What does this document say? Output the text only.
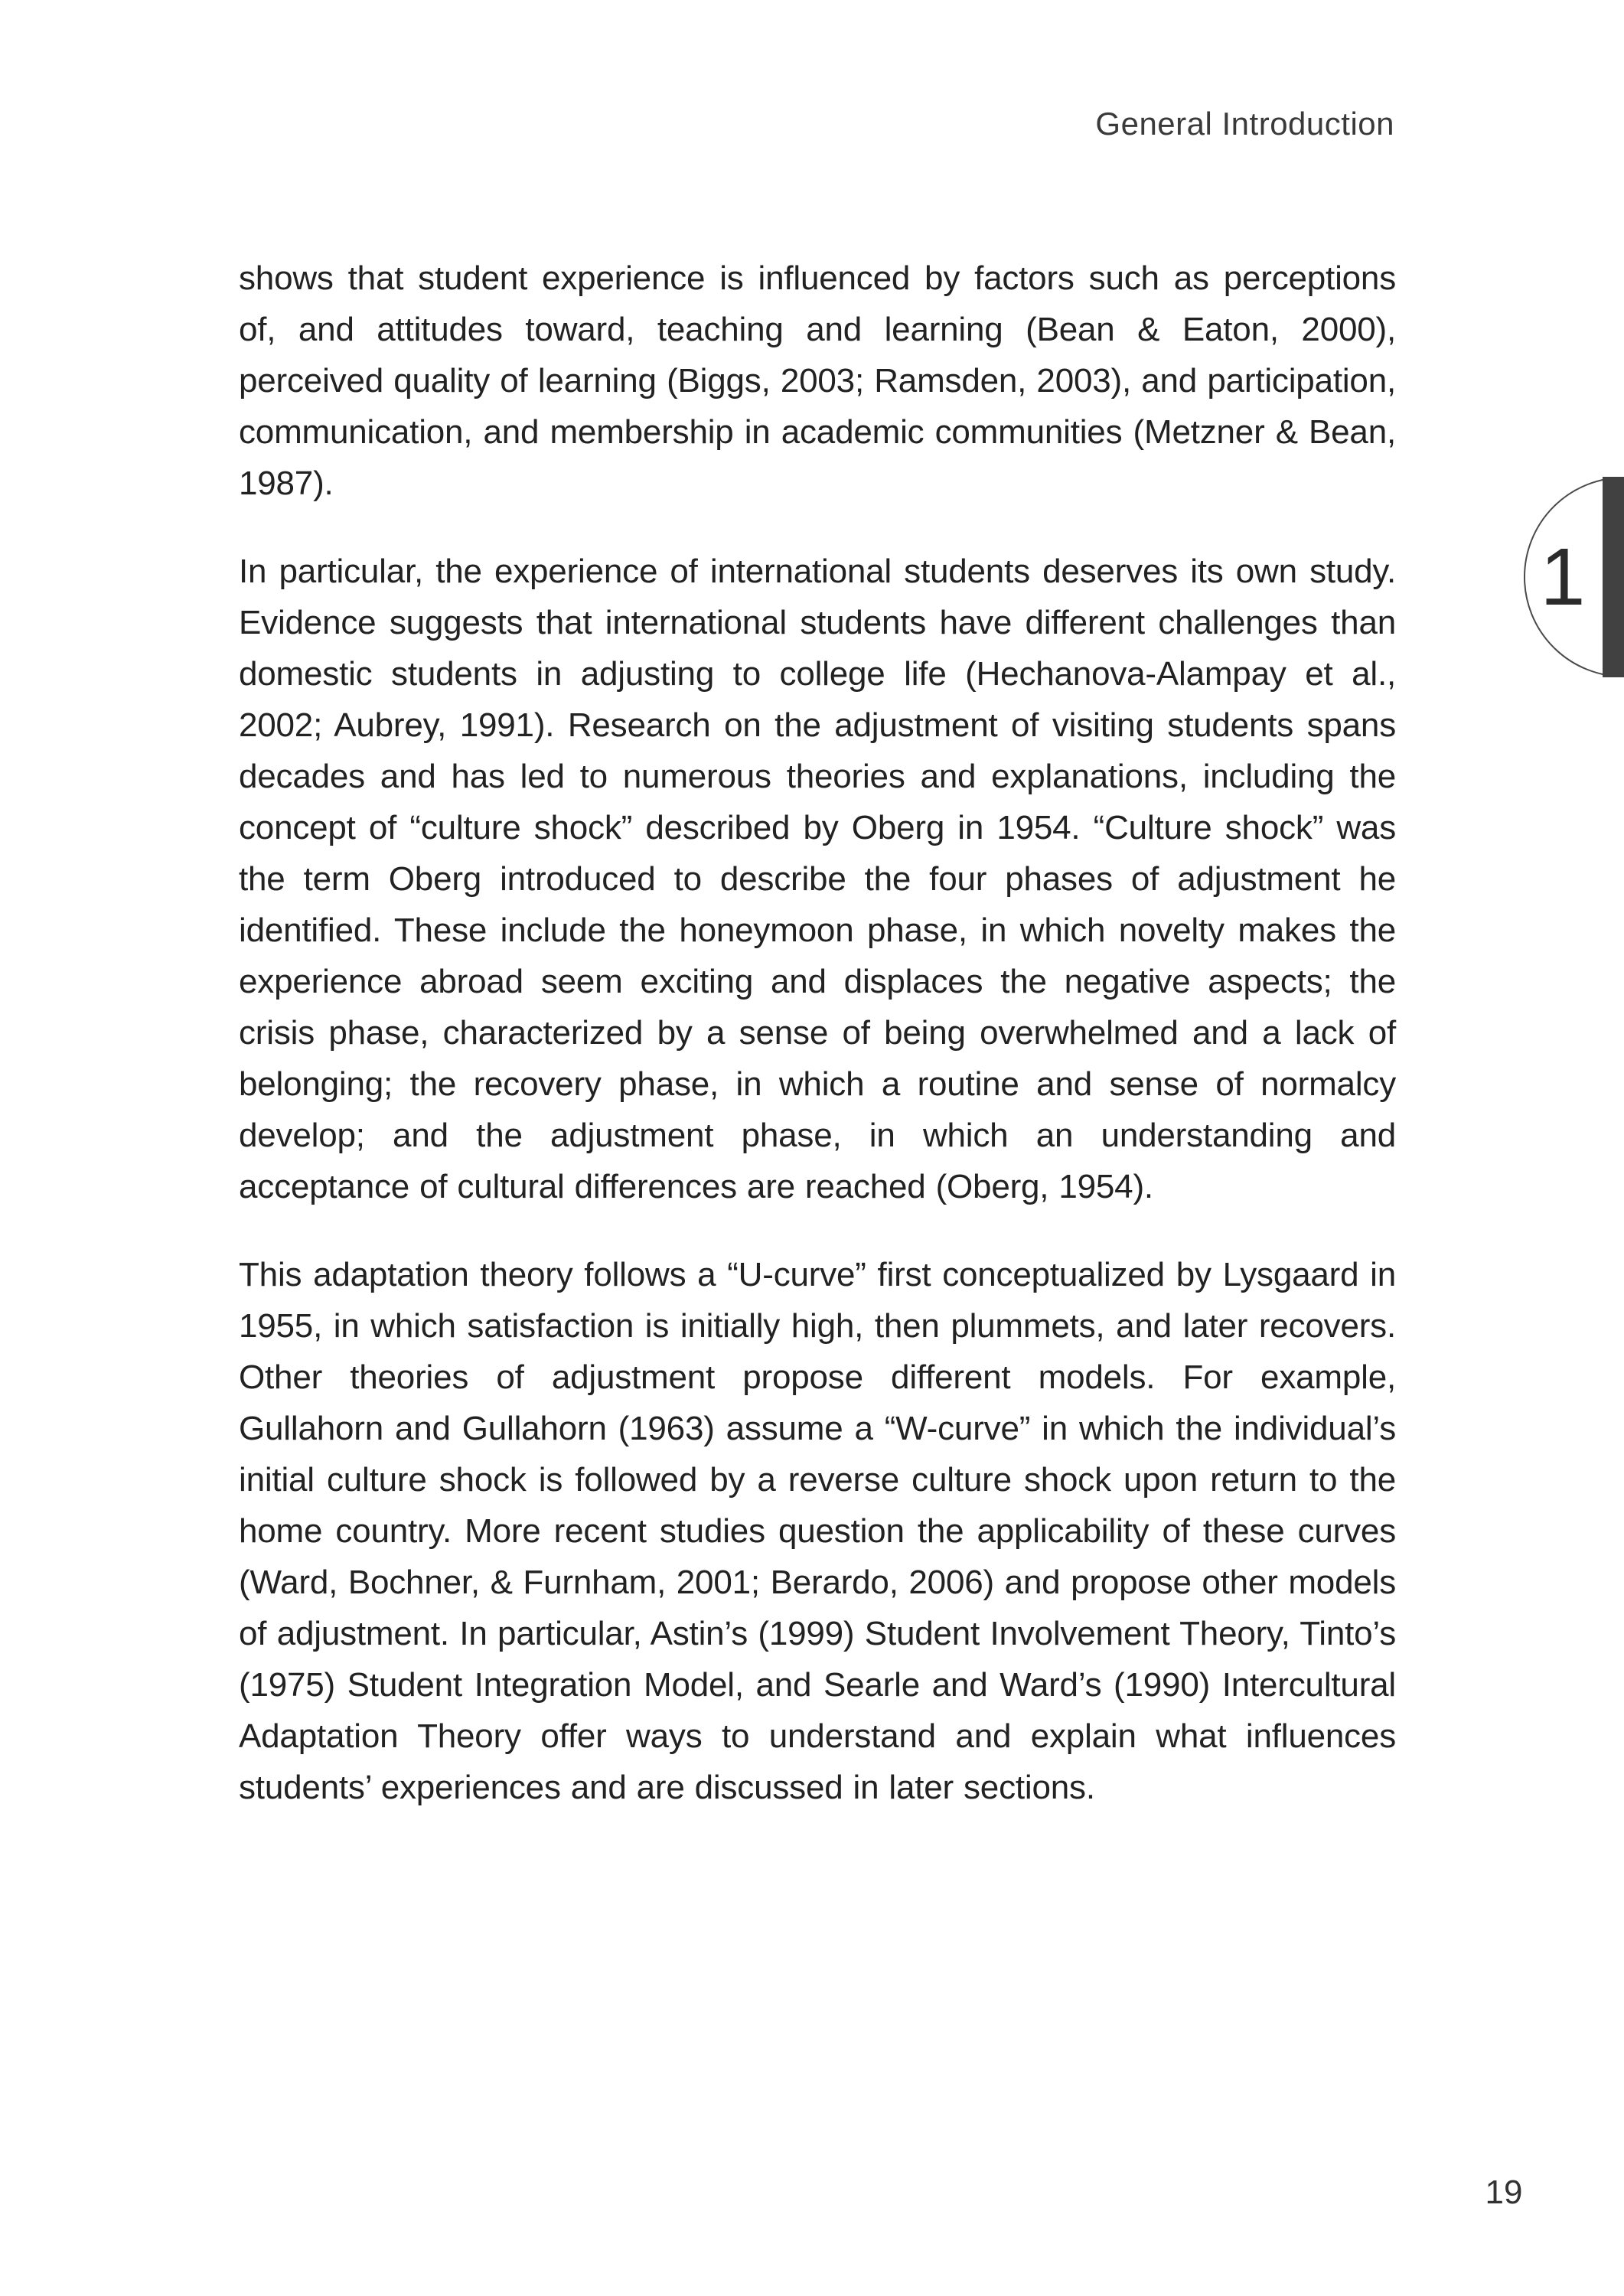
General Introduction

shows that student experience is influenced by factors such as perceptions of, and attitudes toward, teaching and learning (Bean & Eaton, 2000), perceived quality of learning (Biggs, 2003; Ramsden, 2003), and participation, communication, and membership in academic communities (Metzner & Bean, 1987).

In particular, the experience of international students deserves its own study. Evidence suggests that international students have different challenges than domestic students in adjusting to college life (Hechanova-Alampay et al., 2002; Aubrey, 1991). Research on the adjustment of visiting students spans decades and has led to numerous theories and explanations, including the concept of “culture shock” described by Oberg in 1954. “Culture shock” was the term Oberg introduced to describe the four phases of adjustment he identified. These include the honeymoon phase, in which novelty makes the experience abroad seem exciting and displaces the negative aspects; the crisis phase, characterized by a sense of being overwhelmed and a lack of belonging; the recovery phase, in which a routine and sense of normalcy develop; and the adjustment phase, in which an understanding and acceptance of cultural differences are reached (Oberg, 1954).

This adaptation theory follows a “U-curve” first conceptualized by Lysgaard in 1955, in which satisfaction is initially high, then plummets, and later recovers. Other theories of adjustment propose different models. For example, Gullahorn and Gullahorn (1963) assume a “W-curve” in which the individual’s initial culture shock is followed by a reverse culture shock upon return to the home country. More recent studies question the applicability of these curves (Ward, Bochner, & Furnham, 2001; Berardo, 2006) and propose other models of adjustment. In particular, Astin’s (1999) Student Involvement Theory, Tinto’s (1975) Student Integration Model, and Searle and Ward’s (1990) Intercultural Adaptation Theory offer ways to understand and explain what influences students’ experiences and are discussed in later sections.

1
19
